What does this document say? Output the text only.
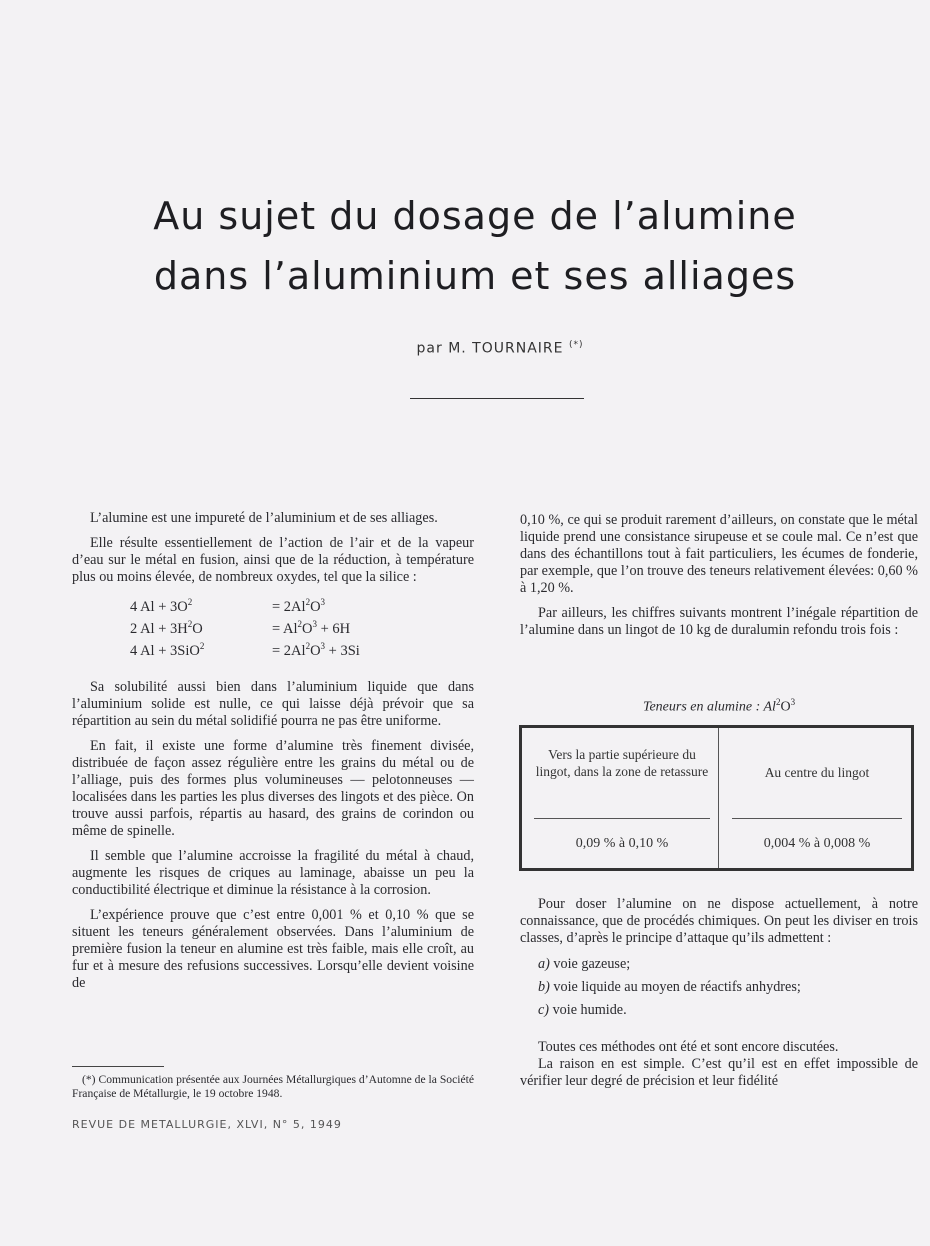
Au sujet du dosage de l’alumine
dans l’aluminium et ses alliages
par M. TOURNAIRE (*)

L’alumine est une impureté de l’aluminium et de ses alliages.

Elle résulte essentiellement de l’action de l’air et de la vapeur d’eau sur le métal en fusion, ainsi que de la réduction, à température plus ou moins élevée, de nombreux oxydes, tel que la silice :

4 $Al + 3O^2$	= $2Al^2O^3$
2 $Al + 3H^2O$	= $Al^2O^3 + 6H$
4 Al + 3SiO$^2$	= $2Al^2O^3 + 3Si$

Sa solubilité aussi bien dans l’aluminium liquide que dans l’aluminium solide est nulle, ce qui laisse déjà prévoir que sa répartition au sein du métal solidifié pourra ne pas être uniforme.

En fait, il existe une forme d’alumine très finement divisée, distribuée de façon assez régulière entre les grains du métal ou de l’alliage, puis des formes plus volumineuses — pelotonneuses — localisées dans les parties les plus diverses des lingots et des pièce. On trouve aussi parfois, répartis au hasard, des grains de corindon ou même de spinelle.

Il semble que l’alumine accroisse la fragilité du métal à chaud, augmente les risques de criques au laminage, abaisse un peu la conductibilité électrique et diminue la résistance à la corrosion.

L’expérience prouve que c’est entre 0,001 % et 0,10 % que se situent les teneurs généralement observées. Dans l’aluminium de première fusion la teneur en alumine est très faible, mais elle croît, au fur et à mesure des refusions successives. Lorsqu’elle devient voisine de

(*) Communication présentée aux Journées Métallurgiques d’Automne de la Société Française de Métallurgie, le 19 octobre 1948.
REVUE DE METALLURGIE, XLVI, N° 5, 1949

0,10 %, ce qui se produit rarement d’ailleurs, on constate que le métal liquide prend une consistance sirupeuse et se coule mal. Ce n’est que dans des échantillons tout à fait particuliers, les écumes de fonderie, par exemple, que l’on trouve des teneurs relativement élevées: 0,60 % à 1,20 %.

Par ailleurs, les chiffres suivants montrent l’inégale répartition de l’alumine dans un lingot de 10 kg de duralumin refondu trois fois :

Teneurs en alumine : $Al^2O^3$
Vers la partie supérieure du lingot, dans la zone de retassure	Au centre du lingot
0,09 % à 0,10 %	0,004 % à 0,008 %

Pour doser l’alumine on ne dispose actuellement, à notre connaissance, que de procédés chimiques. On peut les diviser en trois classes, d’après le principe d’attaque qu’ils admettent :

a) voie gazeuse;

b) voie liquide au moyen de réactifs anhydres;

c) voie humide.

Toutes ces méthodes ont été et sont encore discutées.

La raison en est simple. C’est qu’il est en effet impossible de vérifier leur degré de précision et leur fidélité
